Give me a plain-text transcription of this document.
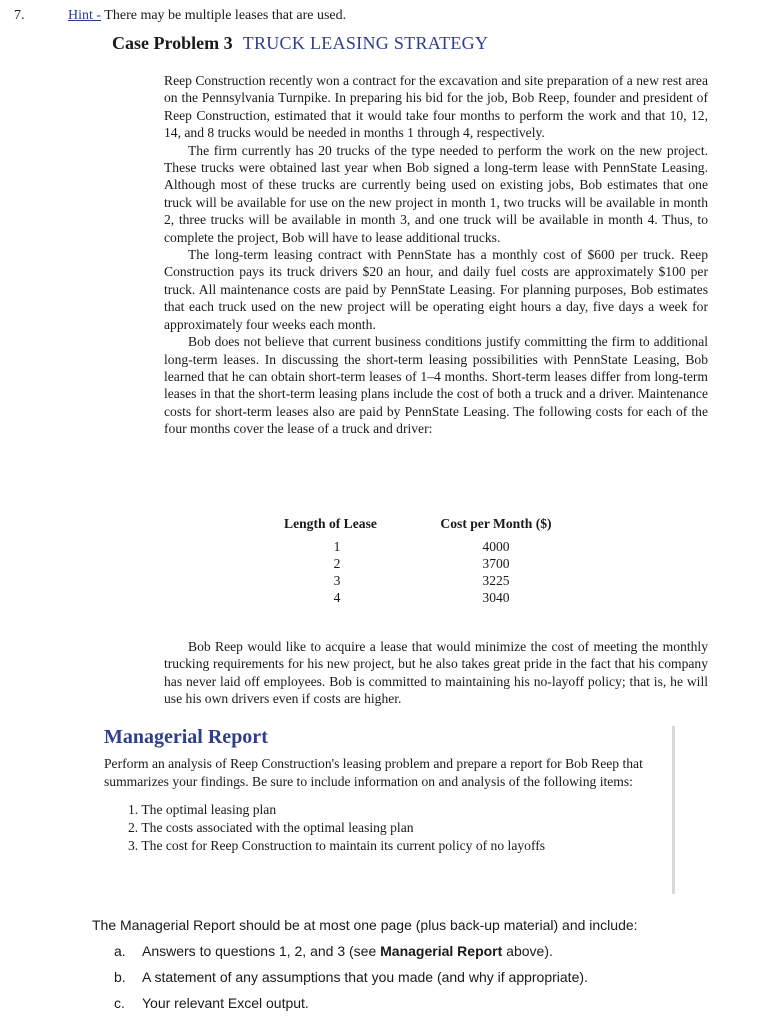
7.	Hint - There may be multiple leases that are used.
Case Problem 3 TRUCK LEASING STRATEGY

Reep Construction recently won a contract for the excavation and site preparation of a new rest area on the Pennsylvania Turnpike. In preparing his bid for the job, Bob Reep, founder and president of Reep Construction, estimated that it would take four months to perform the work and that 10, 12, 14, and 8 trucks would be needed in months 1 through 4, respectively.

The firm currently has 20 trucks of the type needed to perform the work on the new project. These trucks were obtained last year when Bob signed a long-term lease with PennState Leasing. Although most of these trucks are currently being used on existing jobs, Bob estimates that one truck will be available for use on the new project in month 1, two trucks will be available in month 2, three trucks will be available in month 3, and one truck will be available in month 4. Thus, to complete the project, Bob will have to lease additional trucks.

The long-term leasing contract with PennState has a monthly cost of $600 per truck. Reep Construction pays its truck drivers $20 an hour, and daily fuel costs are approximately $100 per truck. All maintenance costs are paid by PennState Leasing. For planning purposes, Bob estimates that each truck used on the new project will be operating eight hours a day, five days a week for approximately four weeks each month.

Bob does not believe that current business conditions justify committing the firm to additional long-term leases. In discussing the short-term leasing possibilities with PennState Leasing, Bob learned that he can obtain short-term leases of 1–4 months. Short-term leases differ from long-term leases in that the short-term leasing plans include the cost of both a truck and a driver. Maintenance costs for short-term leases also are paid by PennState Leasing. The following costs for each of the four months cover the lease of a truck and driver:

Length of Lease	Cost per Month ($)
1	4000
2	3700
3	3225
4	3040

Bob Reep would like to acquire a lease that would minimize the cost of meeting the monthly trucking requirements for his new project, but he also takes great pride in the fact that his company has never laid off employees. Bob is committed to maintaining his no-layoff policy; that is, he will use his own drivers even if costs are higher.

Managerial Report

Perform an analysis of Reep Construction's leasing problem and prepare a report for Bob Reep that summarizes your findings. Be sure to include information on and analysis of the following items:

1. The optimal leasing plan
2. The costs associated with the optimal leasing plan
3. The cost for Reep Construction to maintain its current policy of no layoffs

The Managerial Report should be at most one page (plus back-up material) and include:

a.	Answers to questions 1, 2, and 3 (see Managerial Report above).
b.	A statement of any assumptions that you made (and why if appropriate).
c.	Your relevant Excel output.
